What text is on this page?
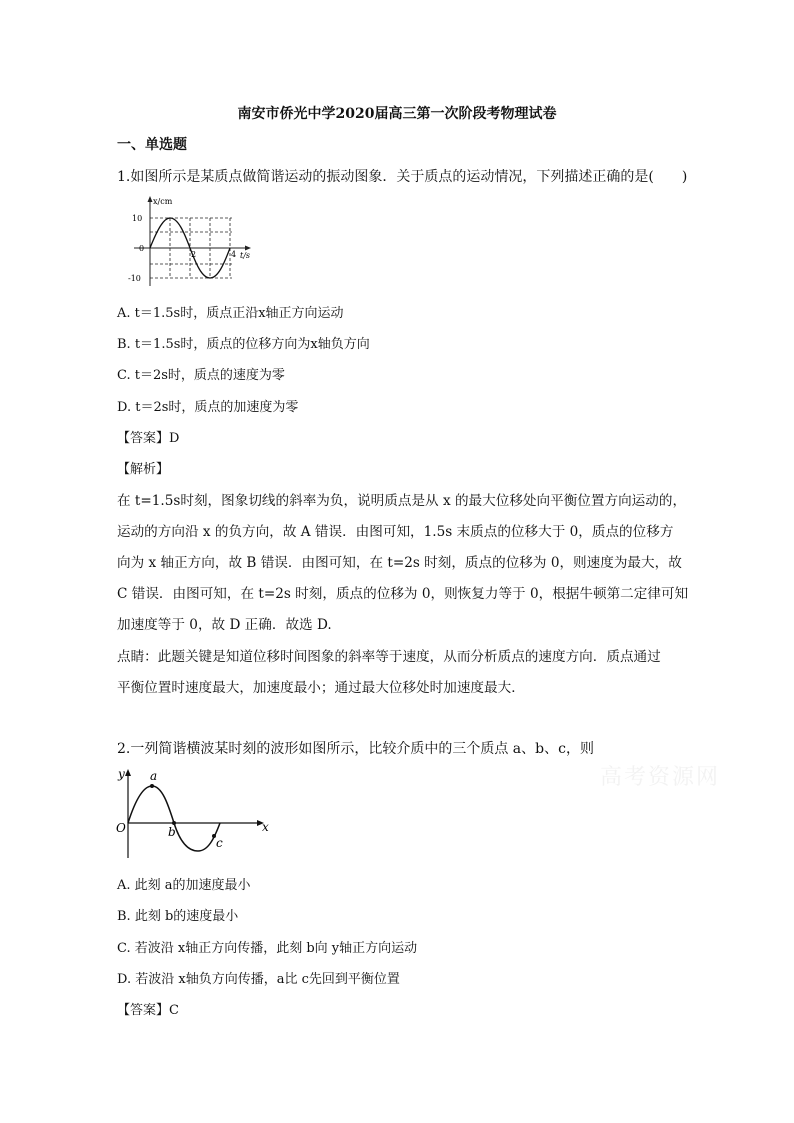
南安市侨光中学2020届高三第一次阶段考物理试卷
一、单选题
1.如图所示是某质点做简谐运动的振动图象．关于质点的运动情况，下列描述正确的是(　　)
x/cm
t/s
10
0
-10
2	4
A. t＝1.5s时，质点正沿x轴正方向运动
B. t＝1.5s时，质点的位移方向为x轴负方向
C. t＝2s时，质点的速度为零
D. t＝2s时，质点的加速度为零
【答案】D
【解析】
在 t=1.5s时刻，图象切线的斜率为负，说明质点是从 x 的最大位移处向平衡位置方向运动的，
运动的方向沿 x 的负方向，故 A 错误．由图可知，1.5s 末质点的位移大于 0，质点的位移方
向为 x 轴正方向，故 B 错误．由图可知，在 t=2s 时刻，质点的位移为 0，则速度为最大，故
C 错误．由图可知，在 t=2s 时刻，质点的位移为 0，则恢复力等于 0，根据牛顿第二定律可知
加速度等于 0，故 D 正确．故选 D.
点睛：此题关键是知道位移时间图象的斜率等于速度，从而分析质点的速度方向．质点通过
平衡位置时速度最大，加速度最小；通过最大位移处时加速度最大．
2.一列简谐横波某时刻的波形如图所示，比较介质中的三个质点 a、b、c，则
高考资源网
y
x
O
a
b
c
A. 此刻 a的加速度最小
B. 此刻 b的速度最小
C. 若波沿 x轴正方向传播，此刻 b向 y轴正方向运动
D. 若波沿 x轴负方向传播，a比 c先回到平衡位置
【答案】C
